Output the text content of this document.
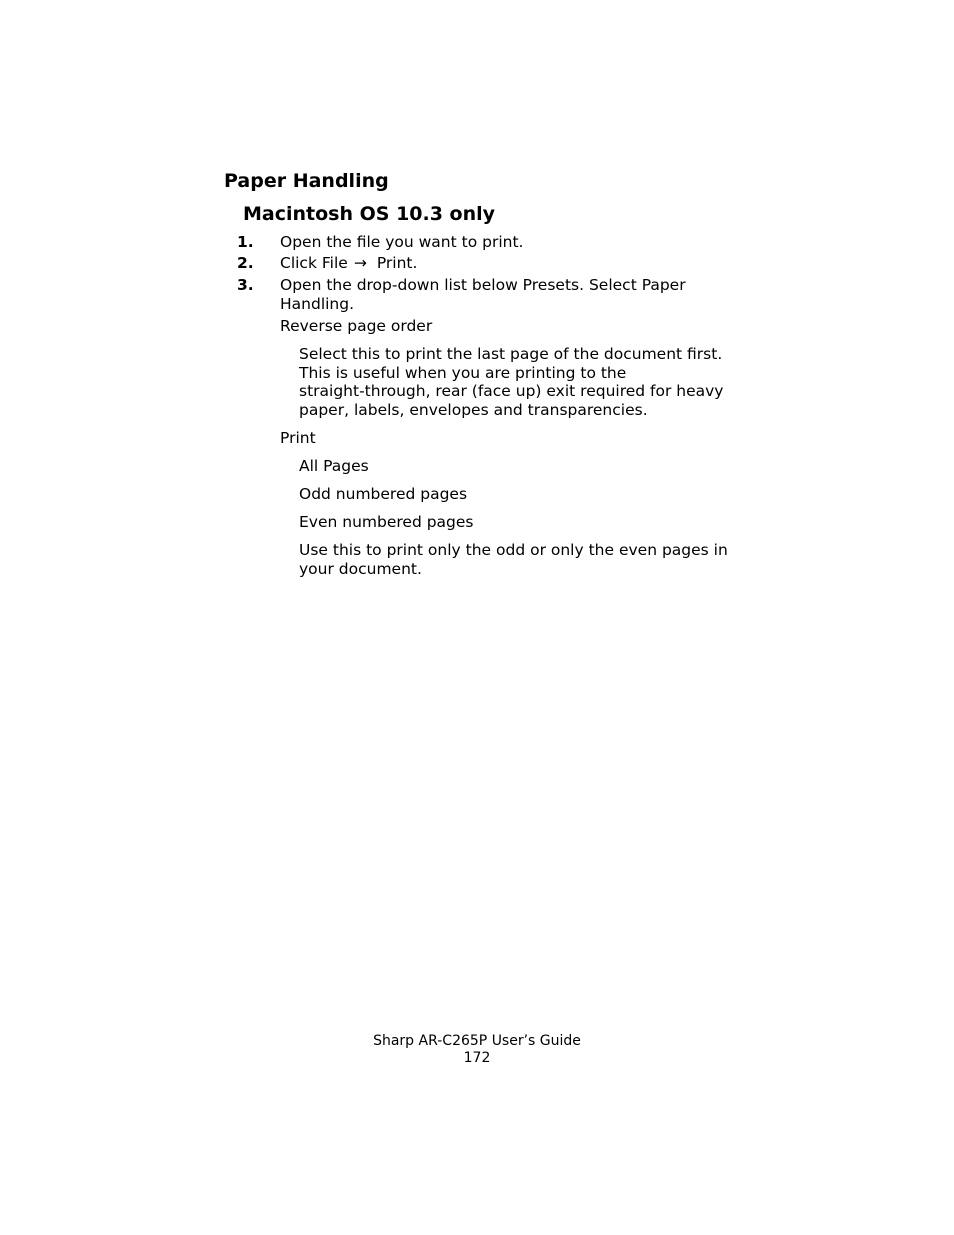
Paper Handling
Macintosh OS 10.3 only
1. Open the file you want to print.
2. Click File → Print.
3. Open the drop-down list below Presets. Select Paper
Handling.
Reverse page order
Select this to print the last page of the document first.
This is useful when you are printing to the
straight-through, rear (face up) exit required for heavy
paper, labels, envelopes and transparencies.
Print
All Pages
Odd numbered pages
Even numbered pages
Use this to print only the odd or only the even pages in
your document.
Sharp AR-C265P User’s Guide
172
